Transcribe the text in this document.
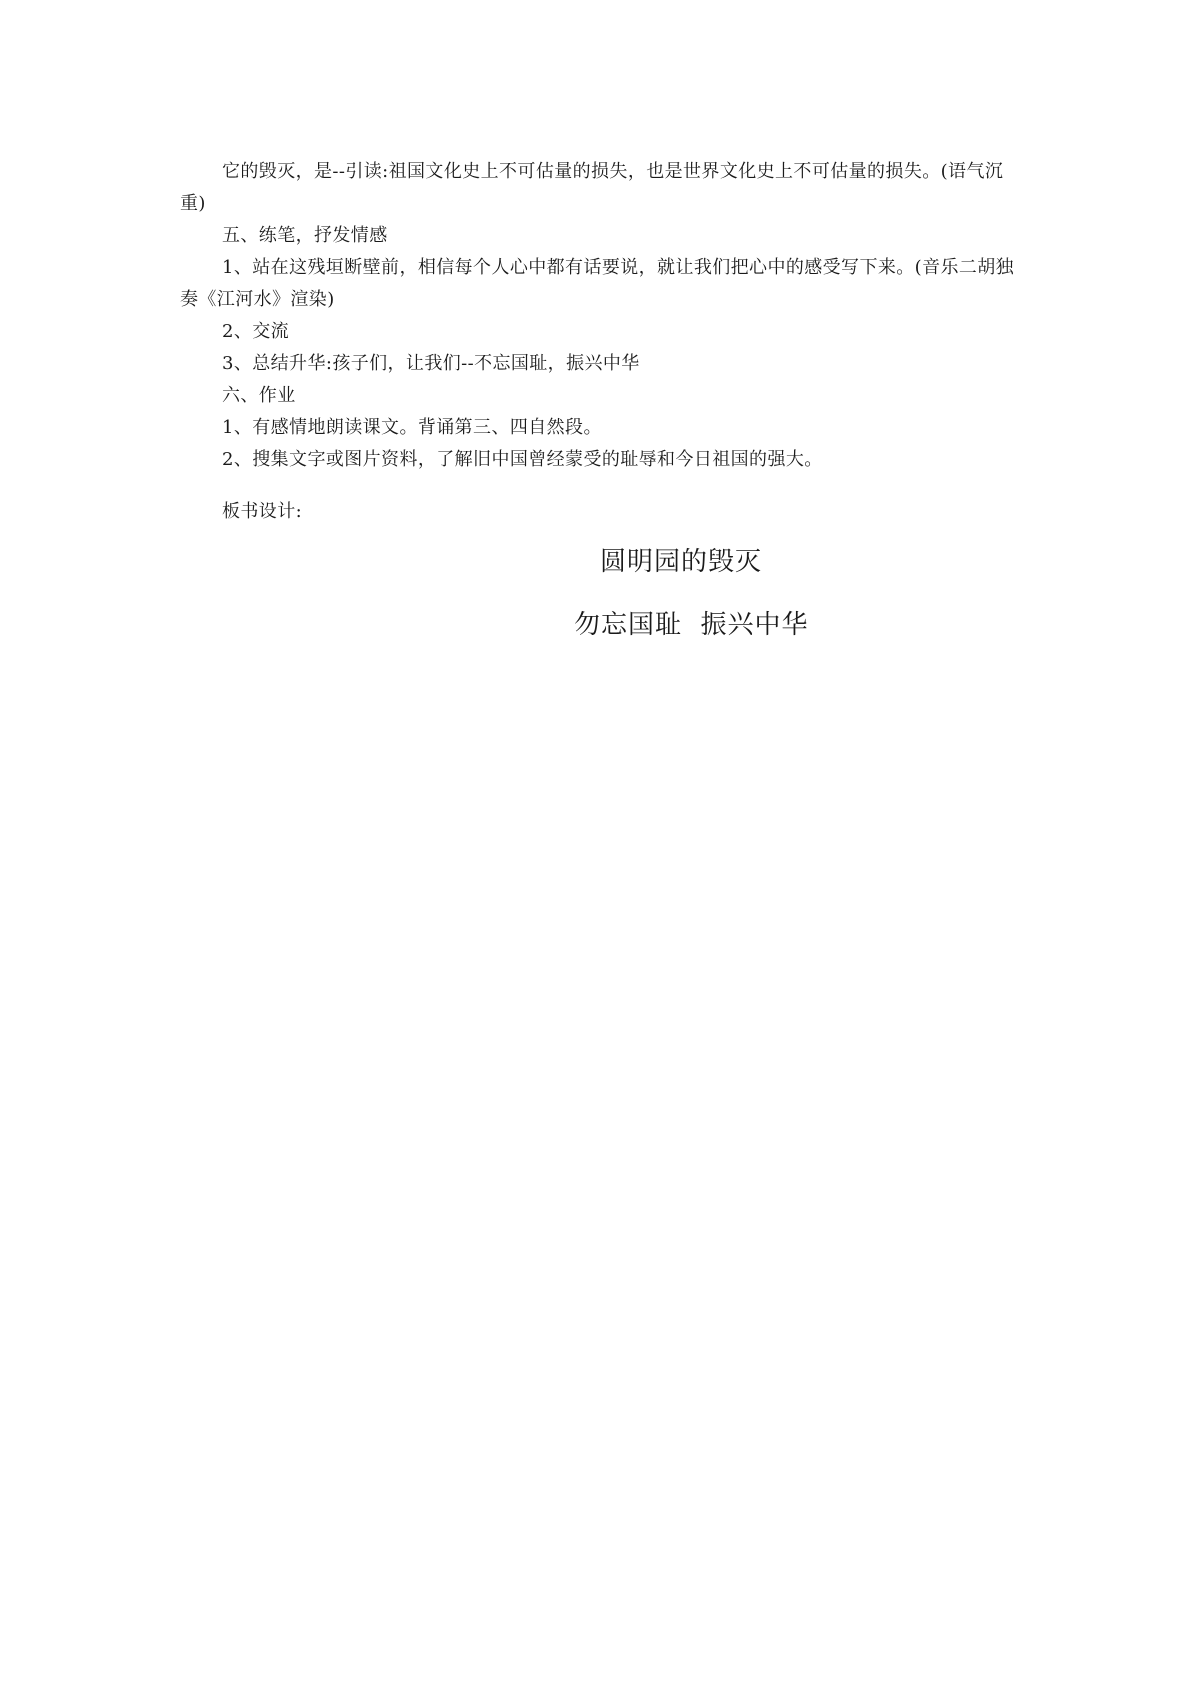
它的毁灭，是--引读:祖国文化史上不可估量的损失，也是世界文化史上不可估量的损失。(语气沉重)

五、练笔，抒发情感

1、站在这残垣断壁前，相信每个人心中都有话要说，就让我们把心中的感受写下来。(音乐二胡独奏《江河水》渲染)

2、交流

3、总结升华:孩子们，让我们--不忘国耻，振兴中华

六、作业

1、有感情地朗读课文。背诵第三、四自然段。

2、搜集文字或图片资料，了解旧中国曾经蒙受的耻辱和今日祖国的强大。

板书设计:

圆明园的毁灭
勿忘国耻  振兴中华
